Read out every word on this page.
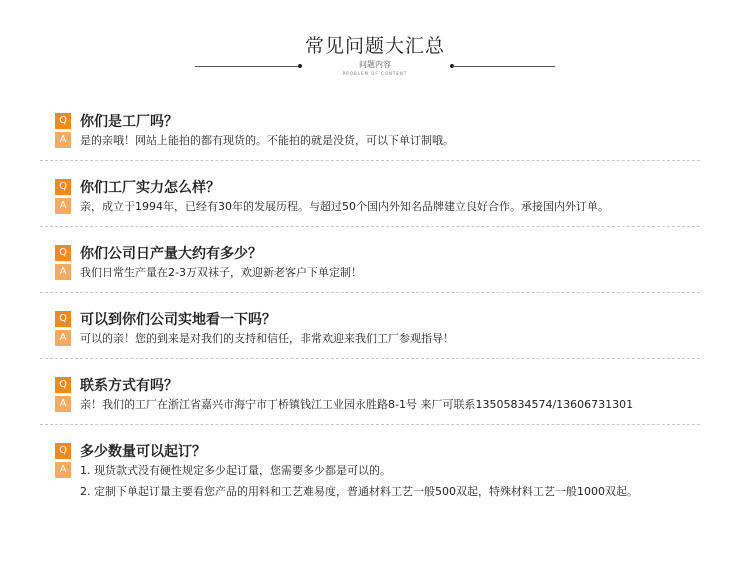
常见问题大汇总
问题内容
PROBLEM OF CONTENT
Q 你们是工厂吗？
A	是的亲哦！网站上能拍的都有现货的。不能拍的就是没货，可以下单订制哦。
Q 你们工厂实力怎么样？
A	亲，成立于1994年，已经有30年的发展历程。与超过50个国内外知名品牌建立良好合作。承接国内外订单。
Q 你们公司日产量大约有多少？
A	我们日常生产量在2-3万双袜子，欢迎新老客户下单定制！
Q 可以到你们公司实地看一下吗？
A	可以的亲！您的到来是对我们的支持和信任，非常欢迎来我们工厂参观指导！
Q 联系方式有吗？
A	亲！我们的工厂在浙江省嘉兴市海宁市丁桥镇钱江工业园永胜路8-1号 来厂可联系13505834574/13606731301
Q 多少数量可以起订？
A	1. 现货款式没有硬性规定多少起订量，您需要多少都是可以的。
2. 定制下单起订量主要看您产品的用料和工艺难易度，普通材料工艺一般500双起，特殊材料工艺一般1000双起。
